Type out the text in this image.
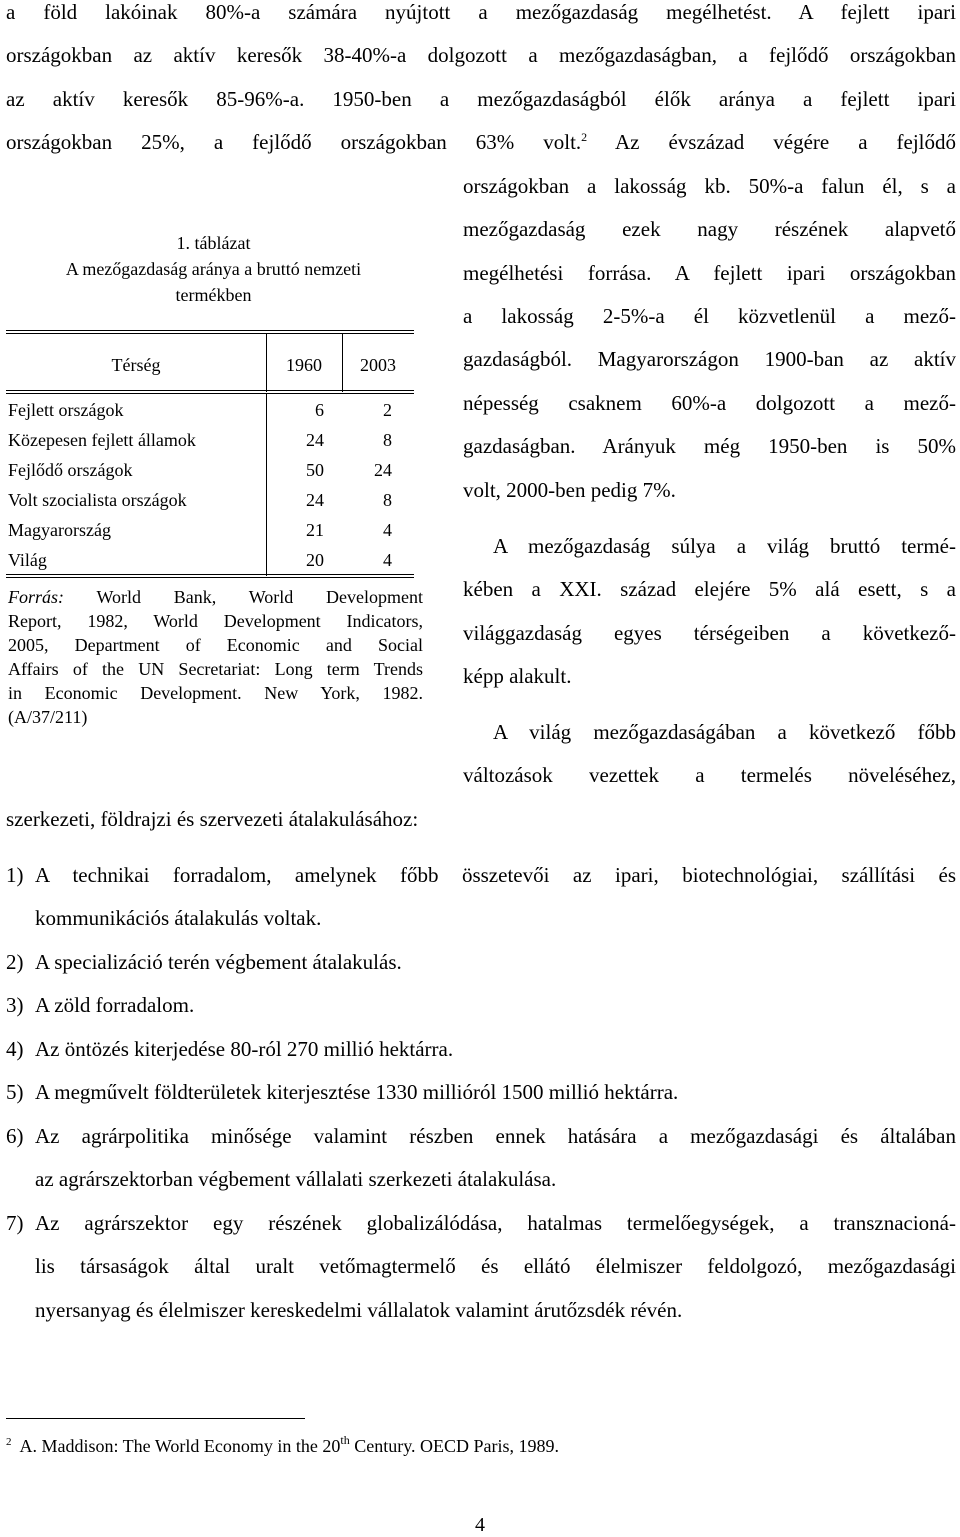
a föld lakóinak 80%-a számára nyújtott a mezőgazdaság megélhetést. A fejlett ipari
országokban az aktív keresők 38-40%-a dolgozott a mezőgazdaságban, a fejlődő országokban
az aktív keresők 85-96%-a. 1950-ben a mezőgazdaságból élők aránya a fejlett ipari
országokban 25%, a fejlődő országokban 63% volt.$^2$ Az évszázad végére a fejlődő
országokban a lakosság kb. 50%-a falun él, s a
mezőgazdaság ezek nagy részének alapvető
megélhetési forrása. A fejlett ipari országokban
a lakosság 2-5%-a él közvetlenül a mező-
gazdaságból. Magyarországon 1900-ban az aktív
népesség csaknem 60%-a dolgozott a mező-
gazdaságban. Arányuk még 1950-ben is 50%
volt, 2000-ben pedig 7%.
A mezőgazdaság súlya a világ bruttó termé-
kében a XXI. század elejére 5% alá esett, s a
világgazdaság egyes térségeiben a következő-
képp alakult.
A világ mezőgazdaságában a következő főbb
változások vezettek a termelés növeléséhez,
szerkezeti, földrajzi és szervezeti átalakulásához:
1. táblázat
A mezőgazdaság aránya a bruttó nemzeti
termékben
Térség	1960	2003
Fejlett országok	6	2
Közepesen fejlett államok	24	8
Fejlődő országok	50	24
Volt szocialista országok	24	8
Magyarország	21	4
Világ	20	4
Forrás: World Bank, World Development
Report, 1982, World Development Indicators,
2005, Department of Economic and Social
Affairs of the UN Secretariat: Long term Trends
in Economic Development. New York, 1982.
(A/37/211)
1) A technikai forradalom, amelynek főbb összetevői az ipari, biotechnológiai, szállítási és
kommunikációs átalakulás voltak.
2) A specializáció terén végbement átalakulás.
3) A zöld forradalom.
4) Az öntözés kiterjedése 80-ról 270 millió hektárra.
5) A megművelt földterületek kiterjesztése 1330 millióról 1500 millió hektárra.
6) Az agrárpolitika minősége valamint részben ennek hatására a mezőgazdasági és általában
az agrárszektorban végbement vállalati szerkezeti átalakulása.
7) Az agrárszektor egy részének globalizálódása, hatalmas termelőegységek, a transznacioná-
lis társaságok által uralt vetőmagtermelő és ellátó élelmiszer feldolgozó, mezőgazdasági
nyersanyag és élelmiszer kereskedelmi vállalatok valamint árutőzsdék révén.
$^2$ A. Maddison: The World Economy in the 20th Century. OECD Paris, 1989.
4
